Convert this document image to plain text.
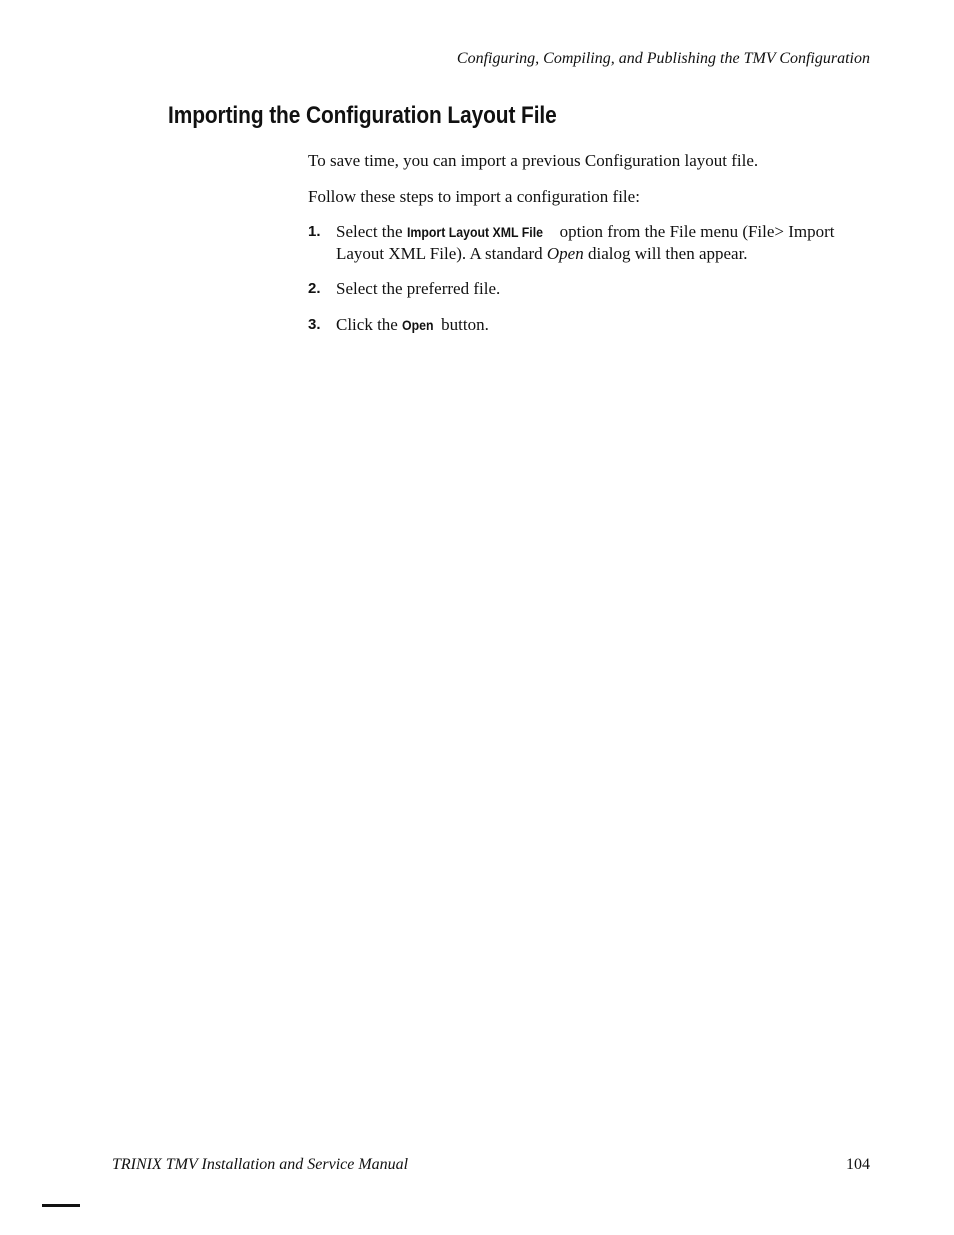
Configuring, Compiling, and Publishing the TMV Configuration
Importing the Configuration Layout File

To save time, you can import a previous Configuration layout file.

Follow these steps to import a configuration file:

1. Select the Import Layout XML File option from the File menu (File> Import Layout XML File). A standard Open dialog will then appear.
2. Select the preferred file.
3. Click the Open button.
TRINIX TMV Installation and Service Manual	104
